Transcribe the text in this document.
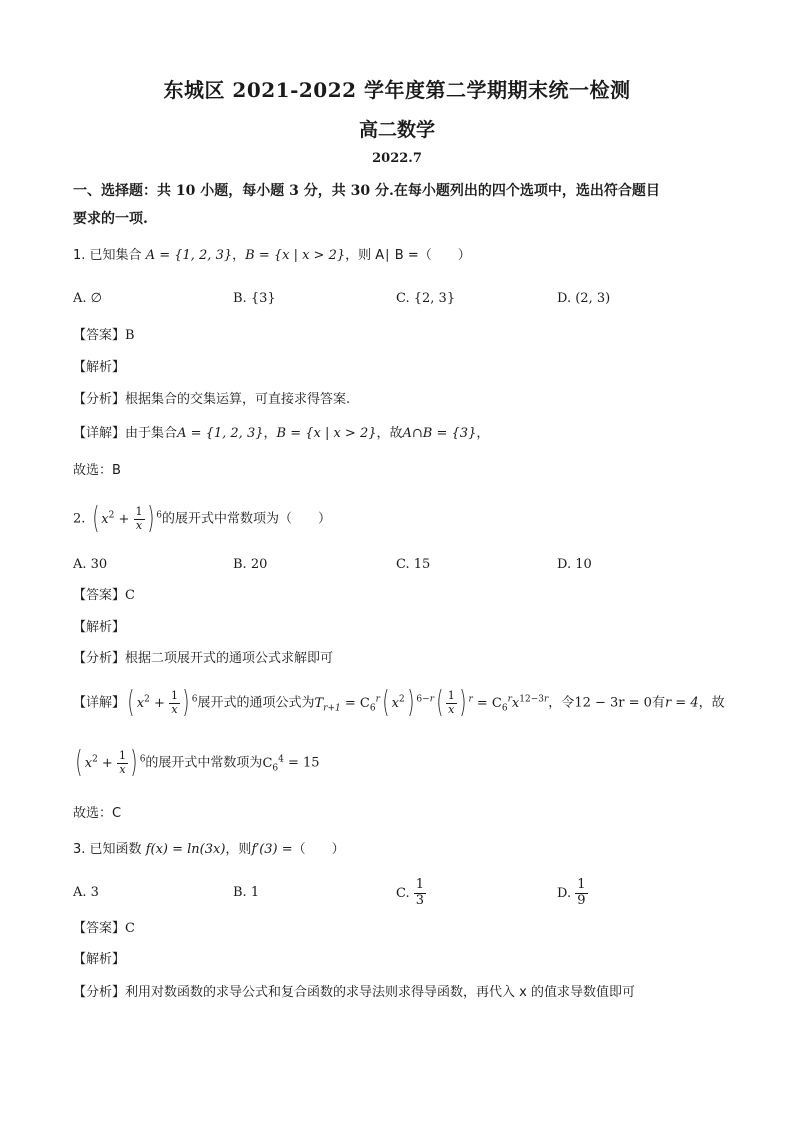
东城区 2021-2022 学年度第二学期期末统一检测
高二数学
2022.7
一、选择题：共 10 小题，每小题 3 分，共 30 分.在每小题列出的四个选项中，选出符合题目
要求的一项.
1. 已知集合 A = {1, 2, 3}，B = {x | x > 2}，则 A∣ B =（　　）
A. ∅	B. {3}	C. {2, 3}	D. (2, 3)
【答案】B
【解析】
【分析】根据集合的交集运算，可直接求得答案.
【详解】由于集合A = {1, 2, 3}，B = {x | x > 2}，故A∩B = {3}，
故选：B
2. ( $x^2 + \frac{1}{x}$ ) $^6$的展开式中常数项为（　　）
A. 30	B. 20	C. 15	D. 10
【答案】C
【解析】
【分析】根据二项展开式的通项公式求解即可
【详解】( $x^2 + \frac{1}{x}$ ) $^6$展开式的通项公式为$T_{r+1} = C_6^r$( $x^2$) $^{6-r}( \frac{1}{x}$ ) $^r = C_6^rx^{12-3r}$，令12 − 3r = 0有r = 4，故
( $x^2 + \frac{1}{x}$ ) $^6$的展开式中常数项为$C_6^4 = 15$
故选：C
3. 已知函数 f(x) = ln(3x)，则f′(3) =（　　）
A. 3	B. 1	C. $\frac{1}{3}$	D. $\frac{1}{9}$
【答案】C
【解析】
【分析】利用对数函数的求导公式和复合函数的求导法则求得导函数，再代入 x 的值求导数值即可
